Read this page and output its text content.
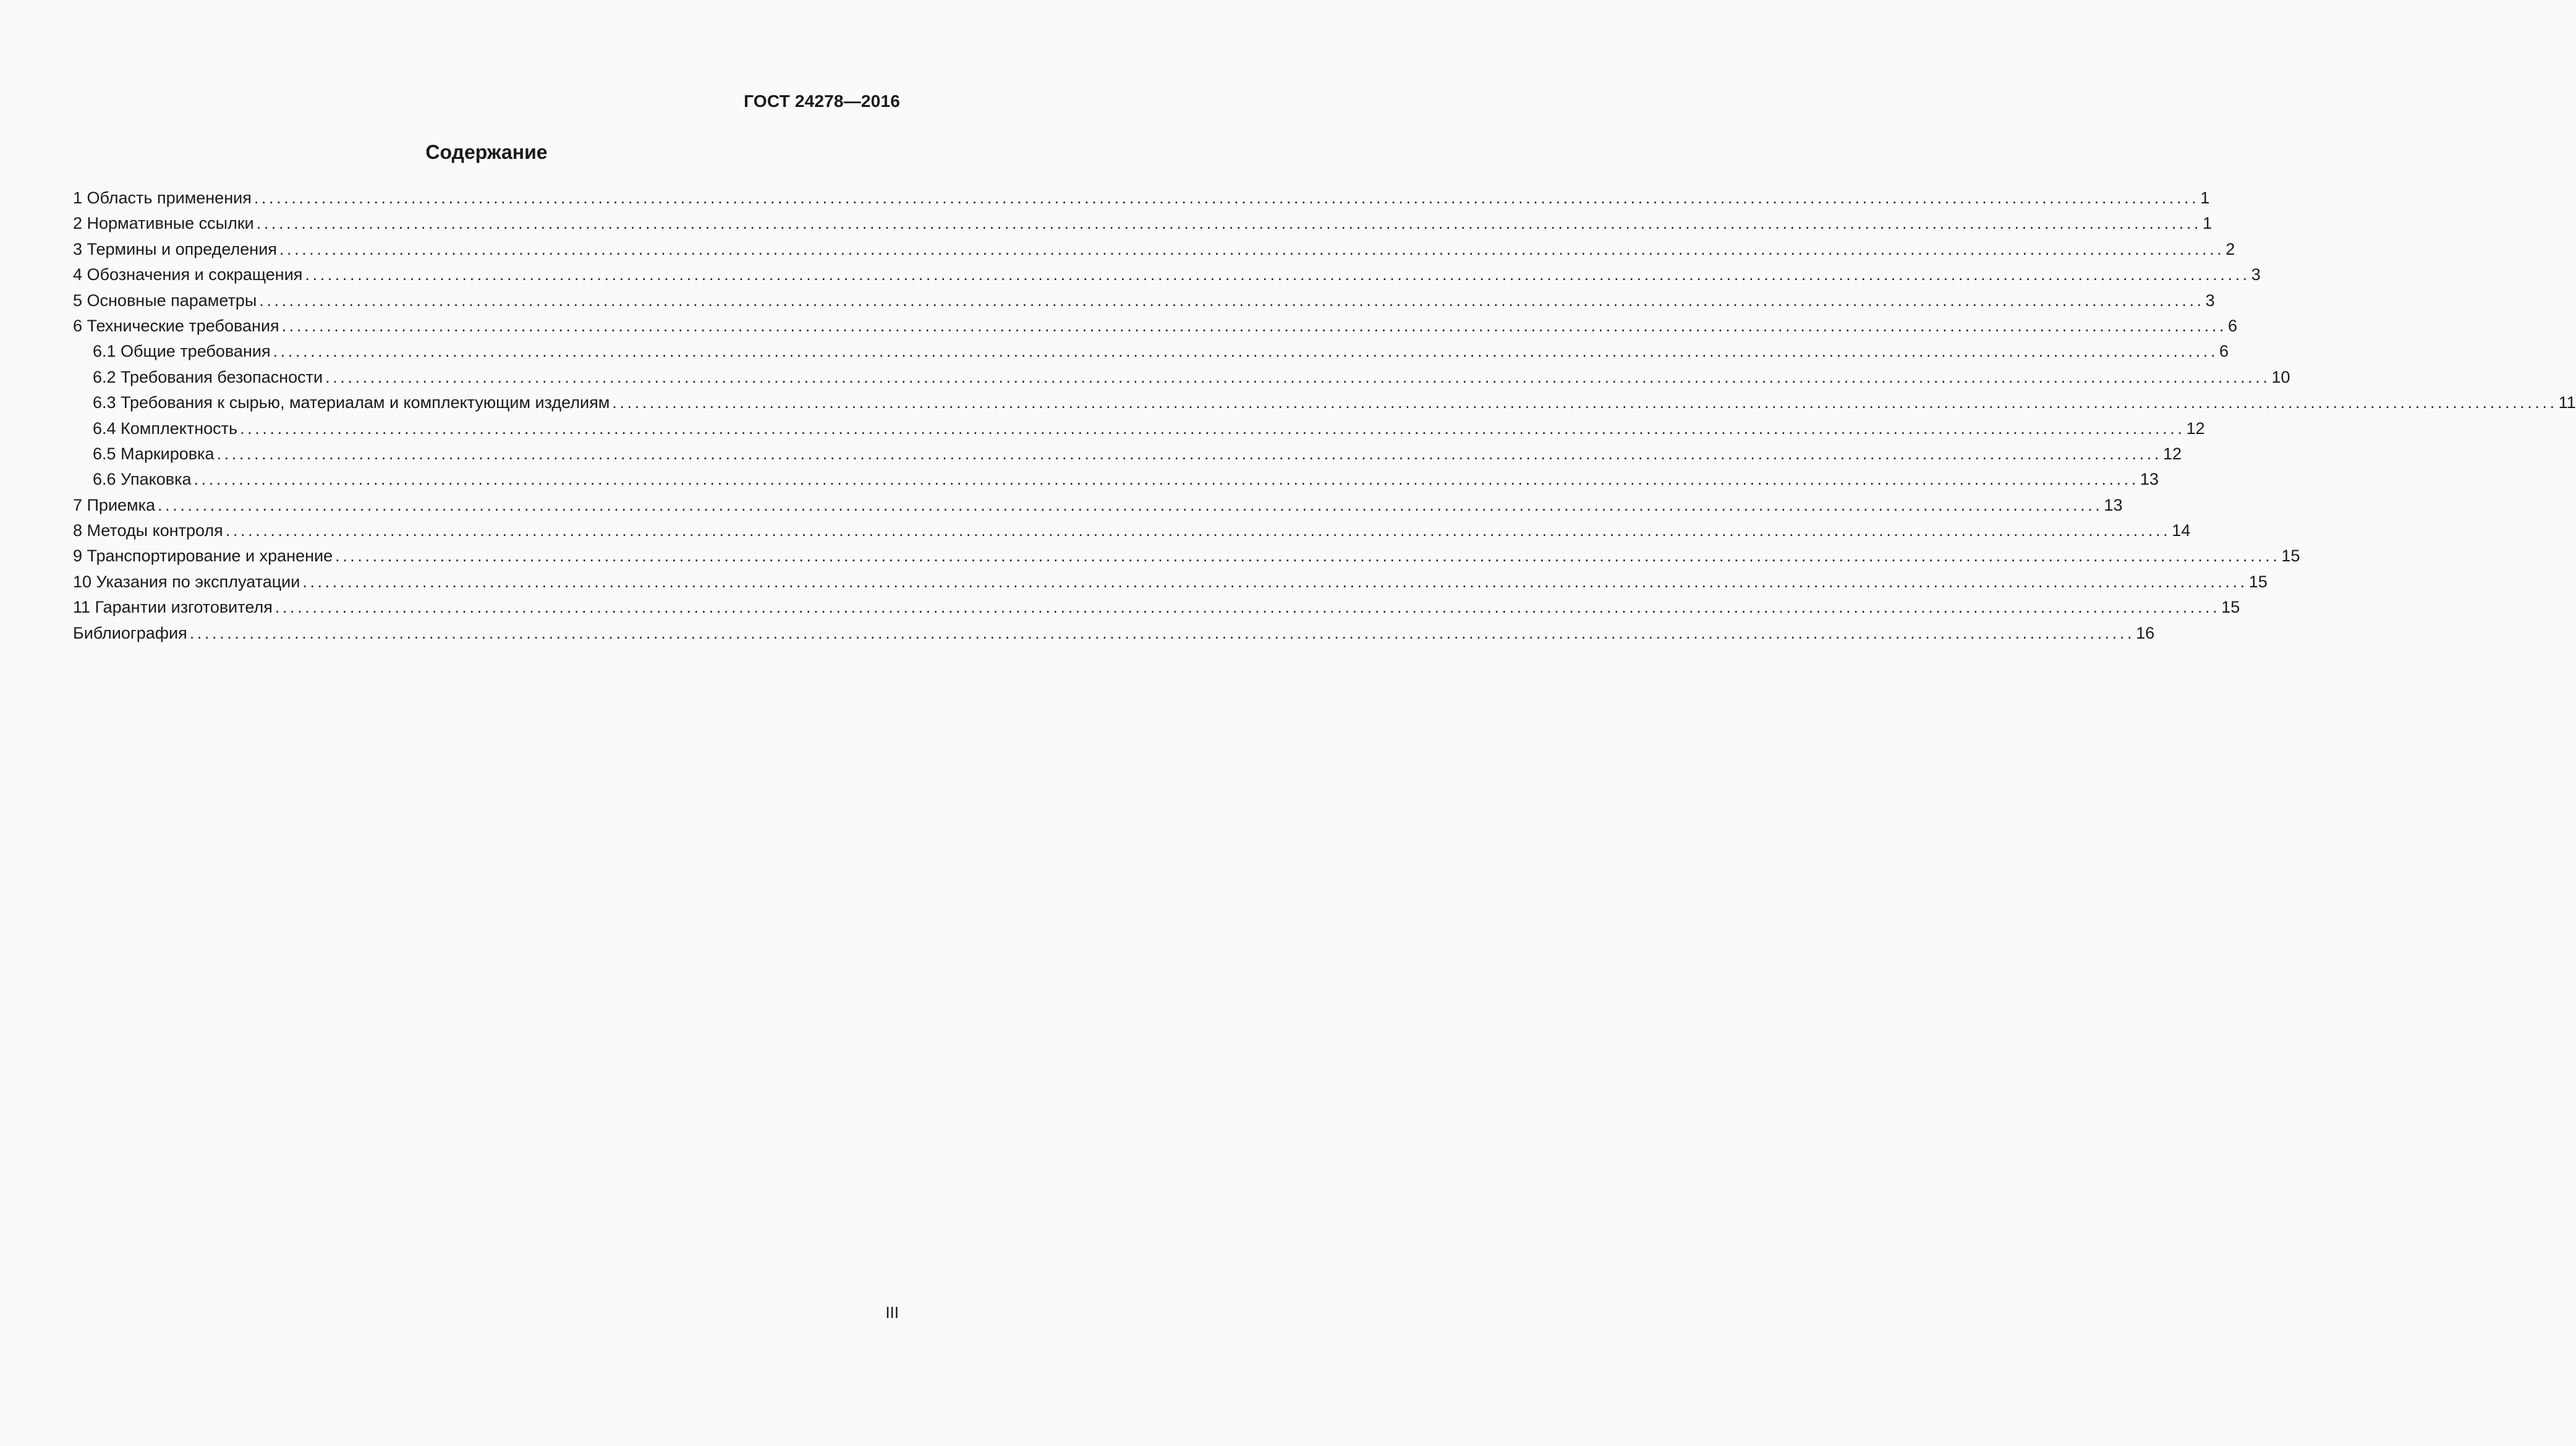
ГОСТ 24278—2016
Содержание
1 Область применения .................................................................................................................................................................................................................................................................... 1
2 Нормативные ссылки .................................................................................................................................................................................................................................................................... 1
3 Термины и определения .................................................................................................................................................................................................................................................................... 2
4 Обозначения и сокращения .................................................................................................................................................................................................................................................................... 3
5 Основные параметры .................................................................................................................................................................................................................................................................... 3
6 Технические требования .................................................................................................................................................................................................................................................................... 6
6.1 Общие требования .................................................................................................................................................................................................................................................................... 6
6.2 Требования безопасности .................................................................................................................................................................................................................................................................... 10
6.3 Требования к сырью, материалам и комплектующим изделиям .................................................................................................................................................................................................................................................................... 11
6.4 Комплектность .................................................................................................................................................................................................................................................................... 12
6.5 Маркировка .................................................................................................................................................................................................................................................................... 12
6.6 Упаковка .................................................................................................................................................................................................................................................................... 13
7 Приемка .................................................................................................................................................................................................................................................................... 13
8 Методы контроля .................................................................................................................................................................................................................................................................... 14
9 Транспортирование и хранение .................................................................................................................................................................................................................................................................... 15
10 Указания по эксплуатации .................................................................................................................................................................................................................................................................... 15
11 Гарантии изготовителя .................................................................................................................................................................................................................................................................... 15
Библиография .................................................................................................................................................................................................................................................................... 16
III
